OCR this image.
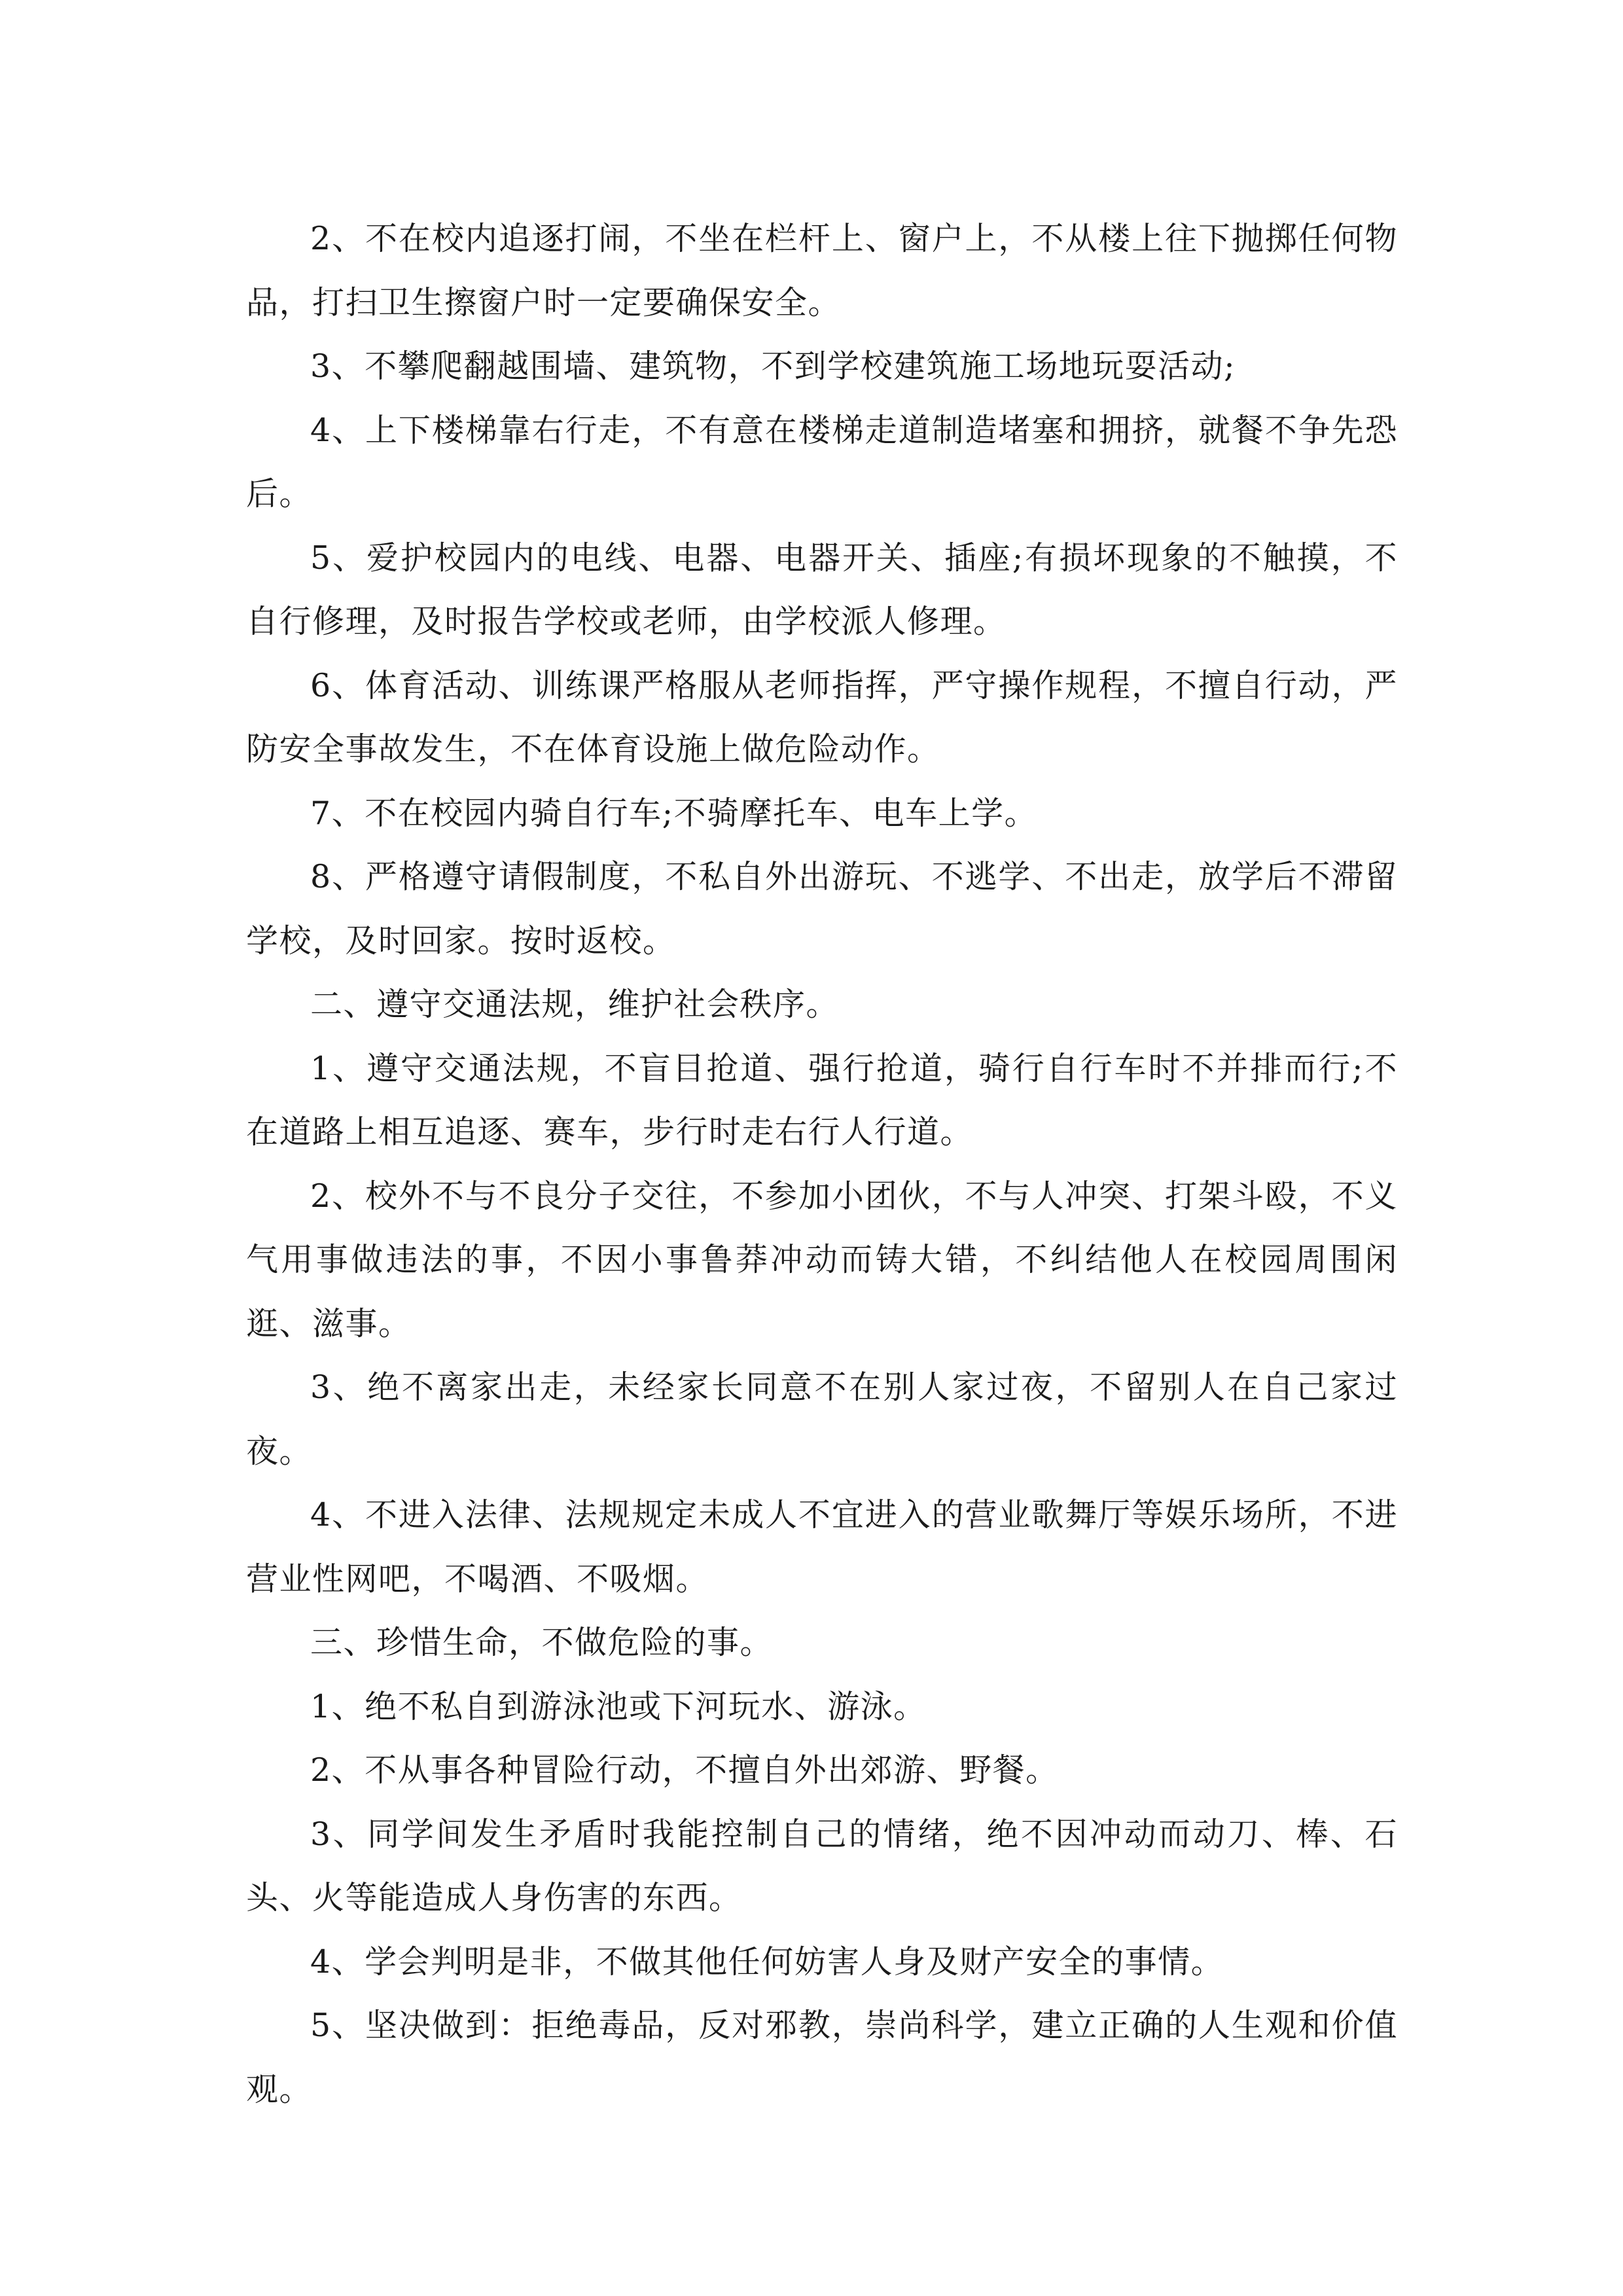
2、不在校内追逐打闹，不坐在栏杆上、窗户上，不从楼上往下抛掷任何物品，打扫卫生擦窗户时一定要确保安全。

3、不攀爬翻越围墙、建筑物，不到学校建筑施工场地玩耍活动;

4、上下楼梯靠右行走，不有意在楼梯走道制造堵塞和拥挤，就餐不争先恐后。

5、爱护校园内的电线、电器、电器开关、插座;有损坏现象的不触摸，不自行修理，及时报告学校或老师，由学校派人修理。

6、体育活动、训练课严格服从老师指挥，严守操作规程，不擅自行动，严防安全事故发生，不在体育设施上做危险动作。

7、不在校园内骑自行车;不骑摩托车、电车上学。

8、严格遵守请假制度，不私自外出游玩、不逃学、不出走，放学后不滞留学校，及时回家。按时返校。

二、遵守交通法规，维护社会秩序。

1、遵守交通法规，不盲目抢道、强行抢道，骑行自行车时不并排而行;不在道路上相互追逐、赛车，步行时走右行人行道。

2、校外不与不良分子交往，不参加小团伙，不与人冲突、打架斗殴，不义气用事做违法的事，不因小事鲁莽冲动而铸大错，不纠结他人在校园周围闲逛、滋事。

3、绝不离家出走，未经家长同意不在别人家过夜，不留别人在自己家过夜。

4、不进入法律、法规规定未成人不宜进入的营业歌舞厅等娱乐场所，不进营业性网吧，不喝酒、不吸烟。

三、珍惜生命，不做危险的事。

1、绝不私自到游泳池或下河玩水、游泳。

2、不从事各种冒险行动，不擅自外出郊游、野餐。

3、同学间发生矛盾时我能控制自己的情绪，绝不因冲动而动刀、棒、石头、火等能造成人身伤害的东西。

4、学会判明是非，不做其他任何妨害人身及财产安全的事情。

5、坚决做到：拒绝毒品，反对邪教，崇尚科学，建立正确的人生观和价值观。
